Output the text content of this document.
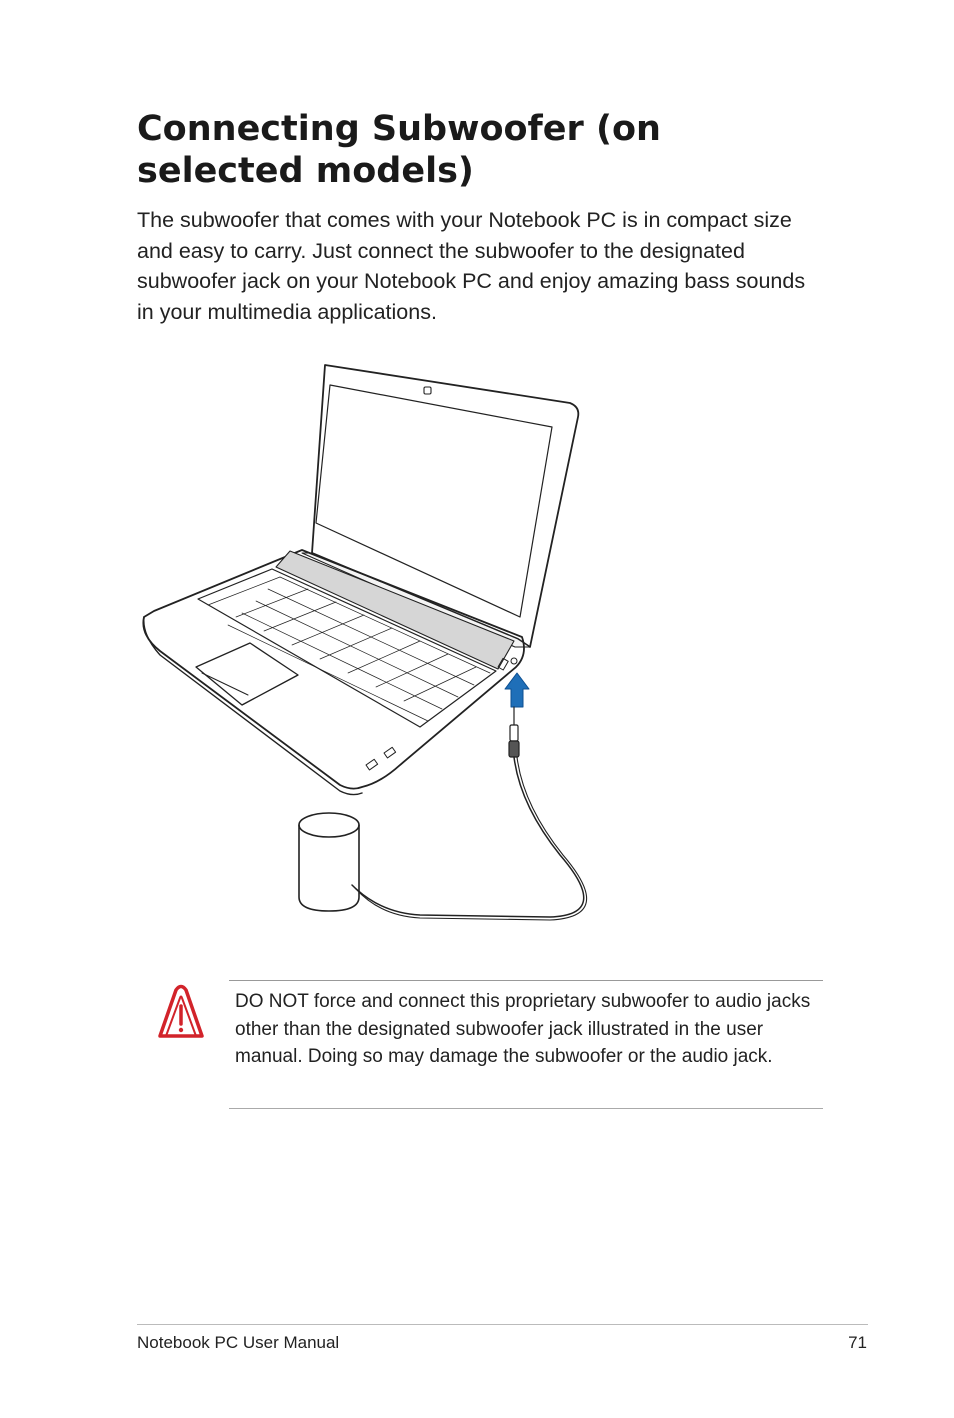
Connecting Subwoofer (on selected models)

The subwoofer that comes with your Notebook PC is in compact size and easy to carry. Just connect the subwoofer to the designated subwoofer jack on your Notebook PC and enjoy amazing bass sounds in your multimedia applications.

DO NOT force and connect this proprietary subwoofer to audio jacks other than the designated subwoofer jack illustrated in the user manual. Doing so may damage the subwoofer or the audio jack.

Notebook PC User Manual	71
